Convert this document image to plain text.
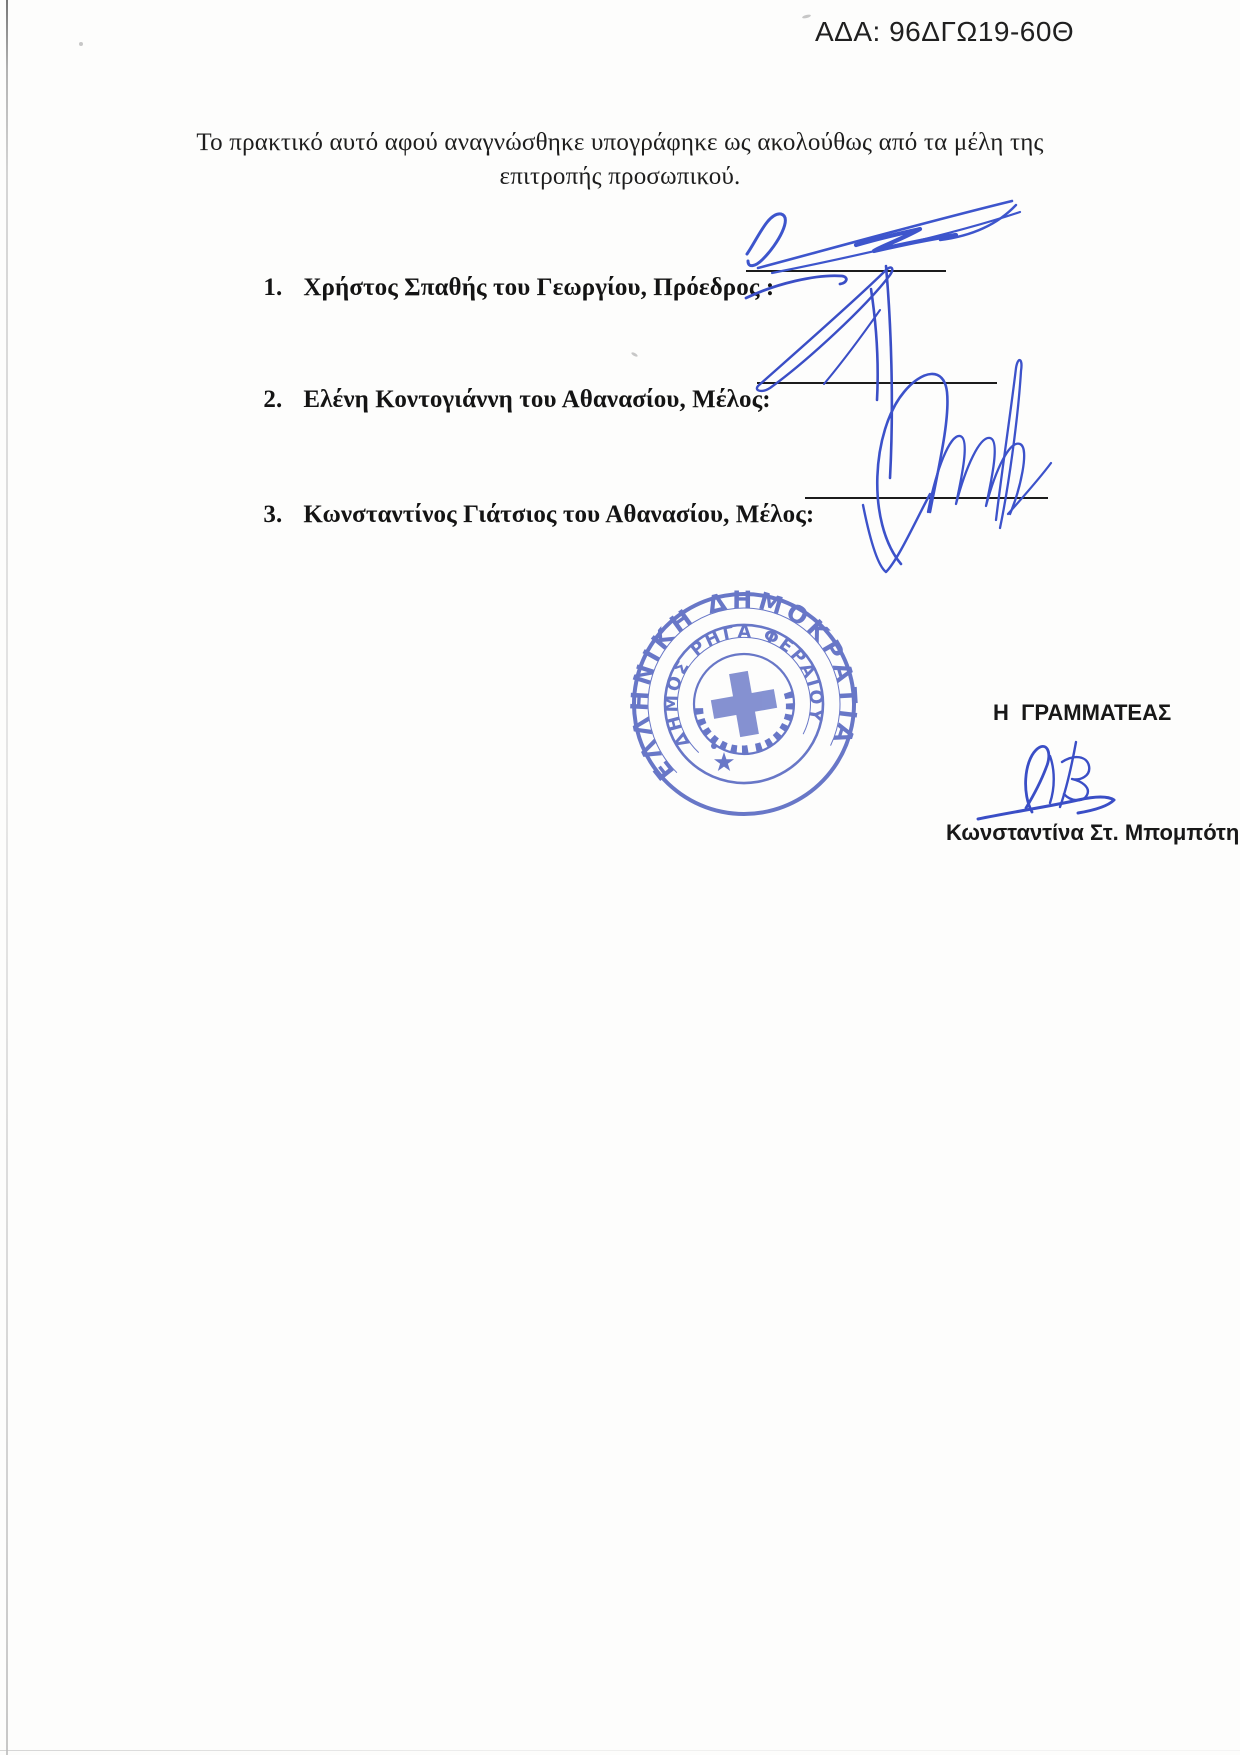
ΑΔΑ: 96ΔΓΩ19-60Θ
Το πρακτικό αυτό αφού αναγνώσθηκε υπογράφηκε ως ακολούθως από τα μέλη της
επιτροπής προσωπικού.

1. Χρήστος Σπαθής του Γεωργίου, Πρόεδρος :

2. Ελένη Κοντογιάννη του Αθανασίου, Μέλος:

3. Κωνσταντίνος Γιάτσιος του Αθανασίου, Μέλος:

ΕΛΛΗΝΙΚΗ ΔΗΜΟΚΡΑΤΙΑ
ΔΗΜΟΣ ΡΗΓΑ ΦΕΡΑΙΟΥ	Η  ΓΡΑΜΜΑΤΕΑΣ
Κωνσταντίνα Στ. Μπομπότη
